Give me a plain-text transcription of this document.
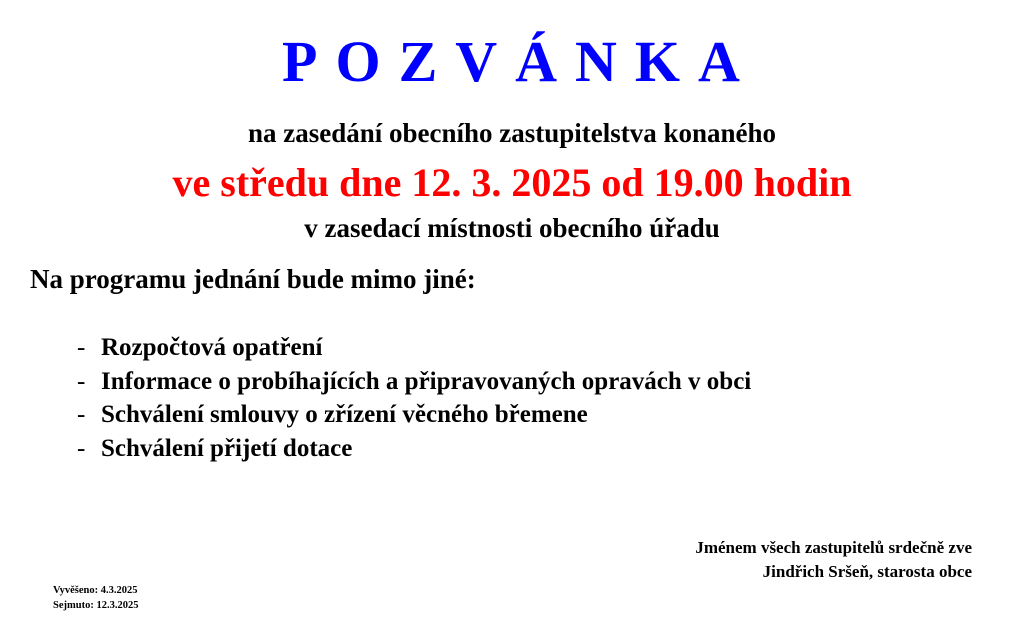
POZVÁNKA
na zasedání obecního zastupitelstva konaného
ve středu dne 12. 3. 2025 od 19.00 hodin
v zasedací místnosti obecního úřadu
Na programu jednání bude mimo jiné:
- Rozpočtová opatření
- Informace o probíhajících a připravovaných opravách v obci
- Schválení smlouvy o zřízení věcného břemene
- Schválení přijetí dotace
Jménem všech zastupitelů srdečně zve
Jindřich Sršeň, starosta obce
Vyvěšeno: 4.3.2025
Sejmuto: 12.3.2025
